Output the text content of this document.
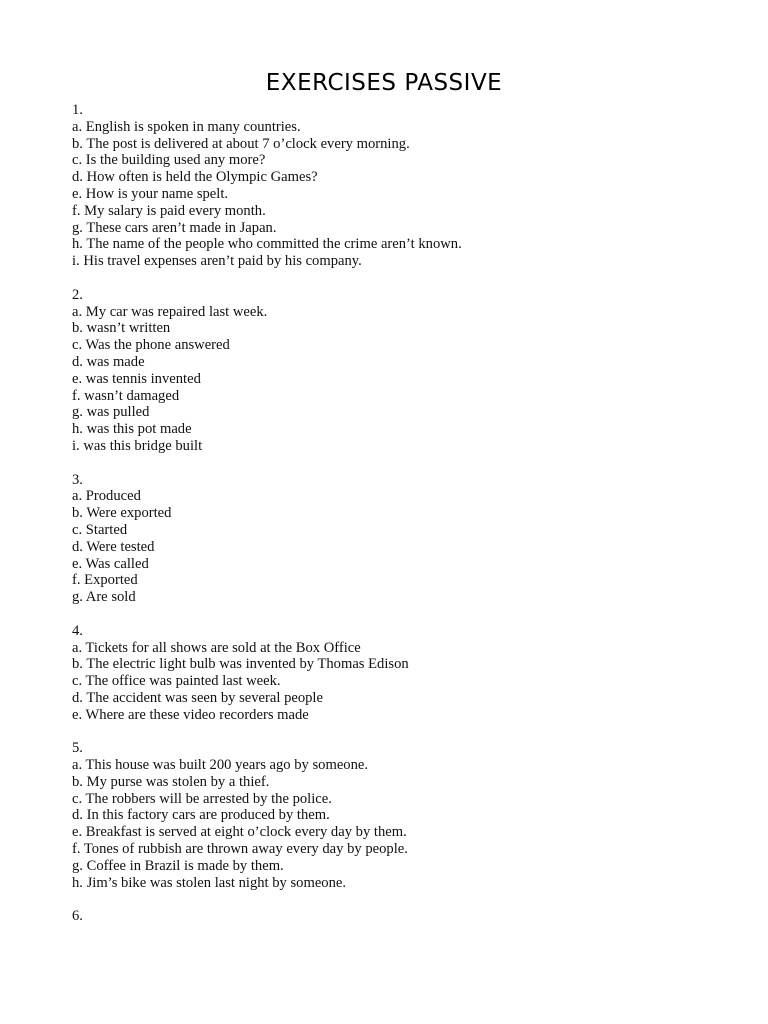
EXERCISES PASSIVE
1.
a. English is spoken in many countries.
b. The post is delivered at about 7 o’clock every morning.
c. Is the building used any more?
d. How often is held the Olympic Games?
e. How is your name spelt.
f. My salary is paid every month.
g. These cars aren’t made in Japan.
h. The name of the people who committed the crime aren’t known.
i. His travel expenses aren’t paid by his company.
2.
a. My car was repaired last week.
b. wasn’t written
c. Was the phone answered
d. was made
e. was tennis invented
f. wasn’t damaged
g. was pulled
h. was this pot made
i. was this bridge built
3.
a. Produced
b. Were exported
c. Started
d. Were tested
e. Was called
f. Exported
g. Are sold
4.
a. Tickets for all shows are sold at the Box Office
b. The electric light bulb was invented by Thomas Edison
c. The office was painted last week.
d. The accident was seen by several people
e. Where are these video recorders made
5.
a. This house was built 200 years ago by someone.
b. My purse was stolen by a thief.
c. The robbers will be arrested by the police.
d. In this factory cars are produced by them.
e. Breakfast is served at eight o’clock every day by them.
f. Tones of rubbish are thrown away every day by people.
g. Coffee in Brazil is made by them.
h. Jim’s bike was stolen last night by someone.
6.
